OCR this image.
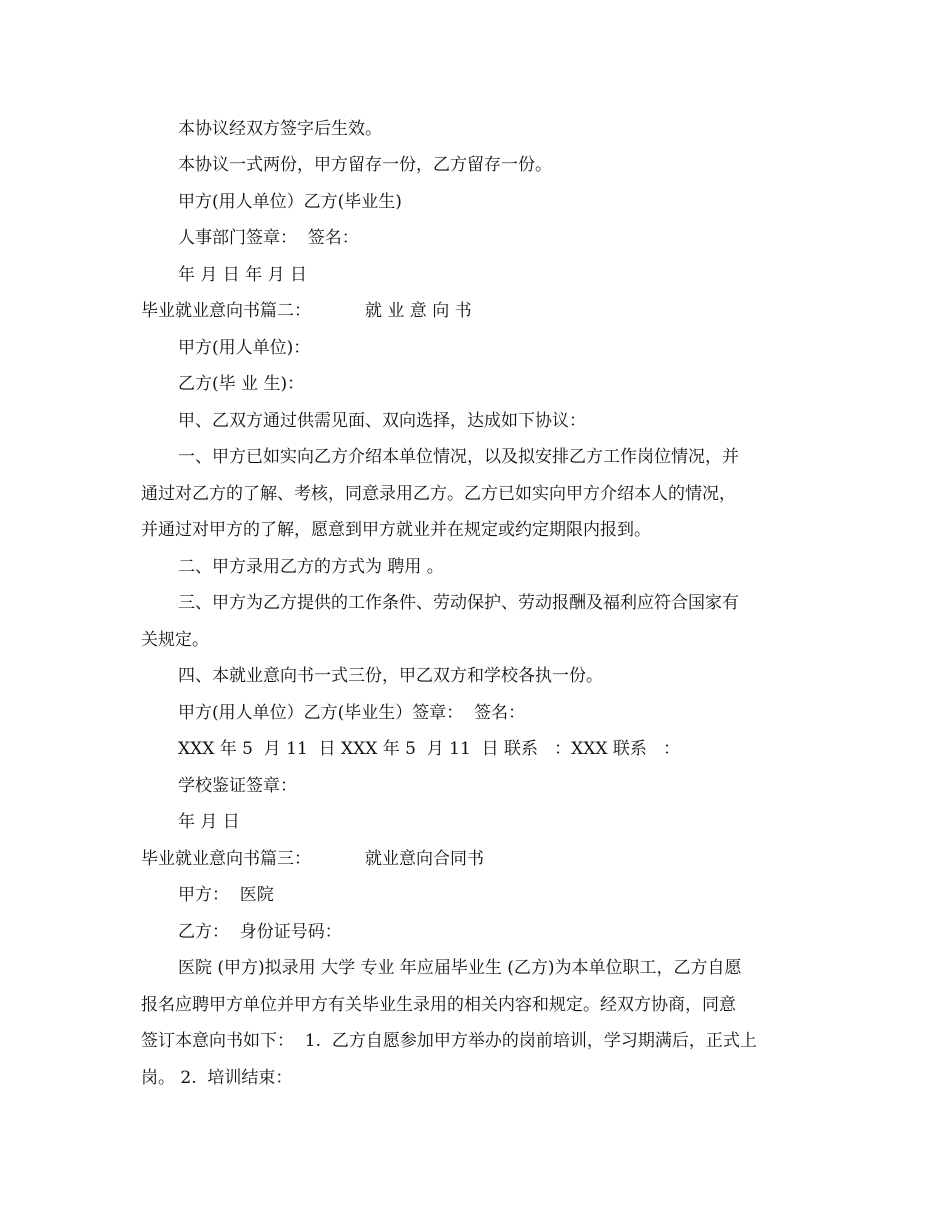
本协议经双方签字后生效。
本协议一式两份，甲方留存一份，乙方留存一份。
甲方(用人单位）乙方(毕业生)
人事部门签章：  签名：
年 月 日 年 月 日
毕业就业意向书篇二：	就 业 意 向 书
甲方(用人单位)：
乙方(毕 业 生)：
甲、乙双方通过供需见面、双向选择，达成如下协议：
一、甲方已如实向乙方介绍本单位情况，以及拟安排乙方工作岗位情况，并
通过对乙方的了解、考核，同意录用乙方。乙方已如实向甲方介绍本人的情况，
并通过对甲方的了解，愿意到甲方就业并在规定或约定期限内报到。
二、甲方录用乙方的方式为 聘用 。
三、甲方为乙方提供的工作条件、劳动保护、劳动报酬及福利应符合国家有
关规定。
四、本就业意向书一式三份，甲乙双方和学校各执一份。
甲方(用人单位）乙方(毕业生）签章：  签名：
XXX 年 5  月 11  日 XXX 年 5  月 11  日 联系   ：XXX 联系   ：
学校鉴证签章：
年 月 日
毕业就业意向书篇三：	就业意向合同书
甲方：  医院
乙方：  身份证号码：
医院 (甲方)拟录用 大学 专业 年应届毕业生 (乙方)为本单位职工，乙方自愿
报名应聘甲方单位并甲方有关毕业生录用的相关内容和规定。经双方协商，同意
签订本意向书如下：  1.  乙方自愿参加甲方举办的岗前培训，学习期满后，正式上
岗。 2.  培训结束：
